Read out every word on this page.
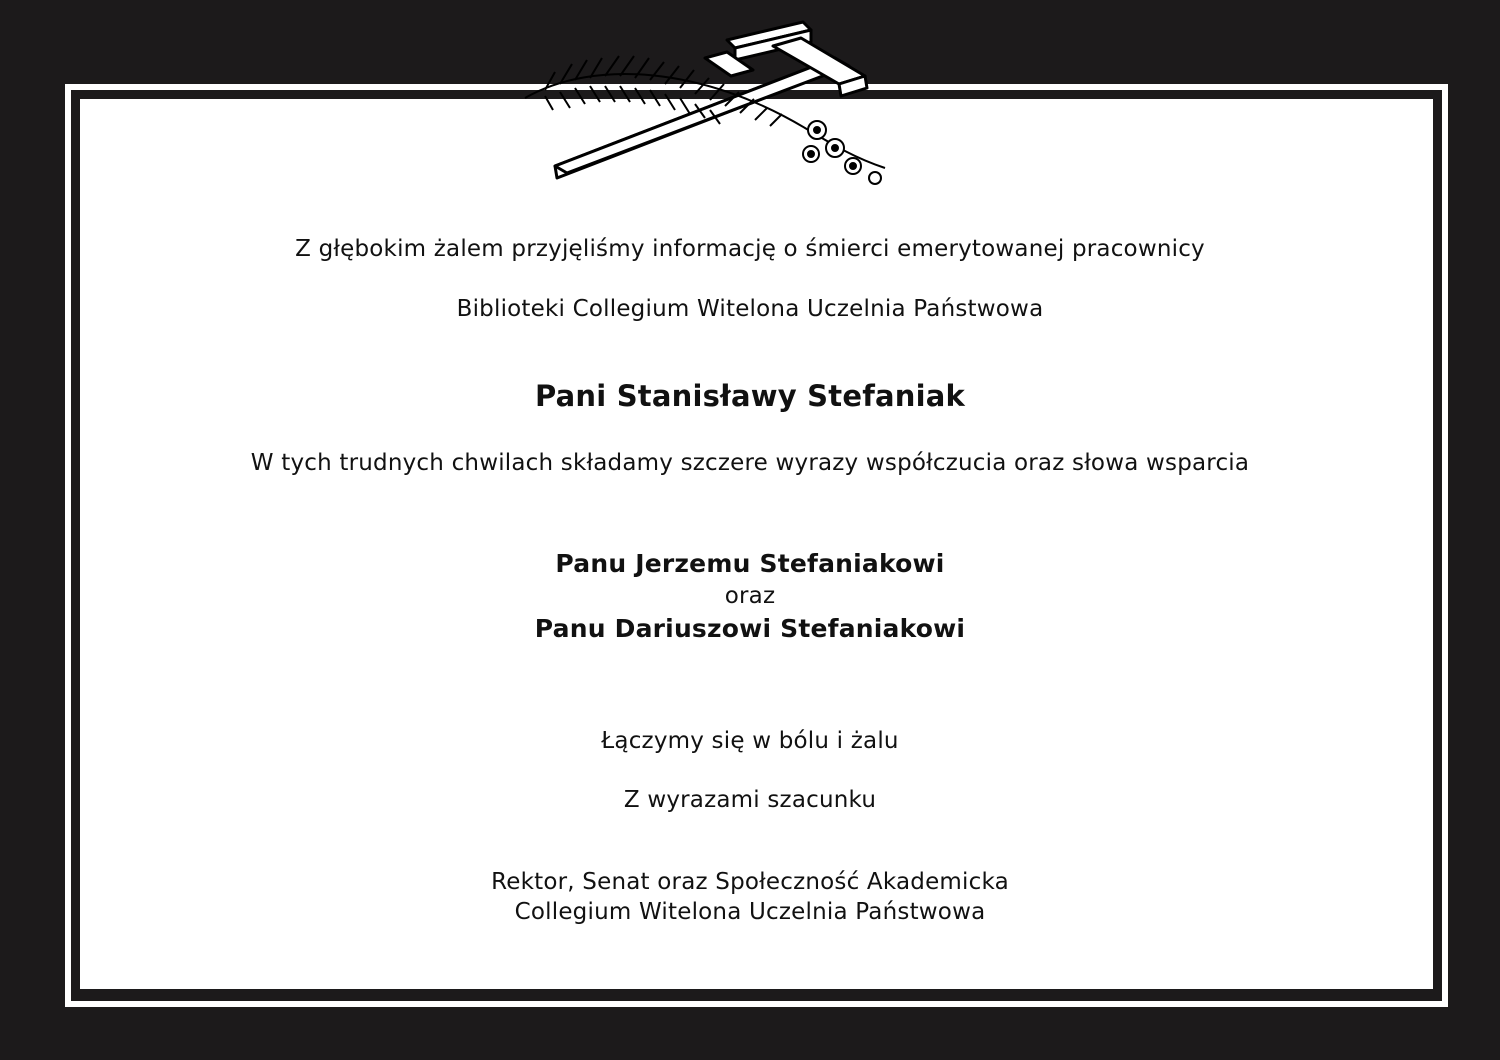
Z głębokim żalem przyjęliśmy informację o śmierci emerytowanej pracownicy
Biblioteki Collegium Witelona Uczelnia Państwowa
Pani Stanisławy Stefaniak
W tych trudnych chwilach składamy szczere wyrazy współczucia oraz słowa wsparcia
Panu Jerzemu Stefaniakowi
oraz
Panu Dariuszowi Stefaniakowi
Łączymy się w bólu i żalu
Z wyrazami szacunku
Rektor, Senat oraz Społeczność Akademicka
Collegium Witelona Uczelnia Państwowa
